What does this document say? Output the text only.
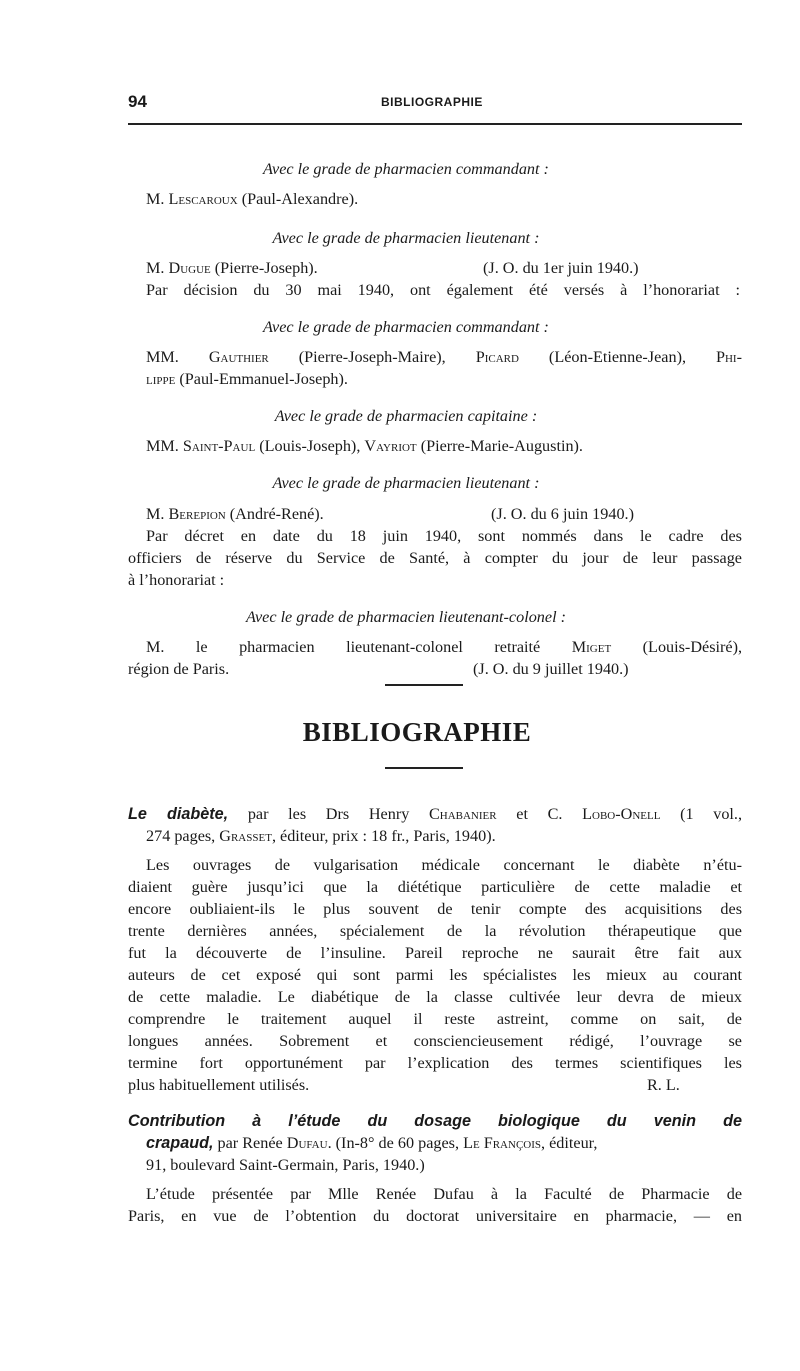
94	BIBLIOGRAPHIE
Avec le grade de pharmacien commandant :
M. Lescaroux (Paul-Alexandre).
Avec le grade de pharmacien lieutenant :
M. Dugue (Pierre-Joseph).	(J. O. du 1er juin 1940.)
Par décision du 30 mai 1940, ont également été versés à l’honorariat :
Avec le grade de pharmacien commandant :
MM. Gauthier (Pierre-Joseph-Maire), Picard (Léon-Etienne-Jean), Phi-
lippe (Paul-Emmanuel-Joseph).
Avec le grade de pharmacien capitaine :
MM. Saint-Paul (Louis-Joseph), Vayriot (Pierre-Marie-Augustin).
Avec le grade de pharmacien lieutenant :
M. Berepion (André-René).	(J. O. du 6 juin 1940.)
Par décret en date du 18 juin 1940, sont nommés dans le cadre des
officiers de réserve du Service de Santé, à compter du jour de leur passage
à l’honorariat :
Avec le grade de pharmacien lieutenant-colonel :
M. le pharmacien lieutenant-colonel retraité Miget (Louis-Désiré),
région de Paris.	(J. O. du 9 juillet 1940.)
BIBLIOGRAPHIE
Le diabète, par les Drs Henry Chabanier et C. Lobo-Onell (1 vol.,
274 pages, Grasset, éditeur, prix : 18 fr., Paris, 1940).
Les ouvrages de vulgarisation médicale concernant le diabète n’étu-
diaient guère jusqu’ici que la diététique particulière de cette maladie et
encore oubliaient-ils le plus souvent de tenir compte des acquisitions des
trente dernières années, spécialement de la révolution thérapeutique que
fut la découverte de l’insuline. Pareil reproche ne saurait être fait aux
auteurs de cet exposé qui sont parmi les spécialistes les mieux au courant
de cette maladie. Le diabétique de la classe cultivée leur devra de mieux
comprendre le traitement auquel il reste astreint, comme on sait, de
longues années. Sobrement et consciencieusement rédigé, l’ouvrage se
termine fort opportunément par l’explication des termes scientifiques les
plus habituellement utilisés.	R. L.
Contribution à l’étude du dosage biologique du venin de
crapaud, par Renée Dufau. (In-8° de 60 pages, Le François, éditeur,
91, boulevard Saint-Germain, Paris, 1940.)
L’étude présentée par Mlle Renée Dufau à la Faculté de Pharmacie de
Paris, en vue de l’obtention du doctorat universitaire en pharmacie, — en
